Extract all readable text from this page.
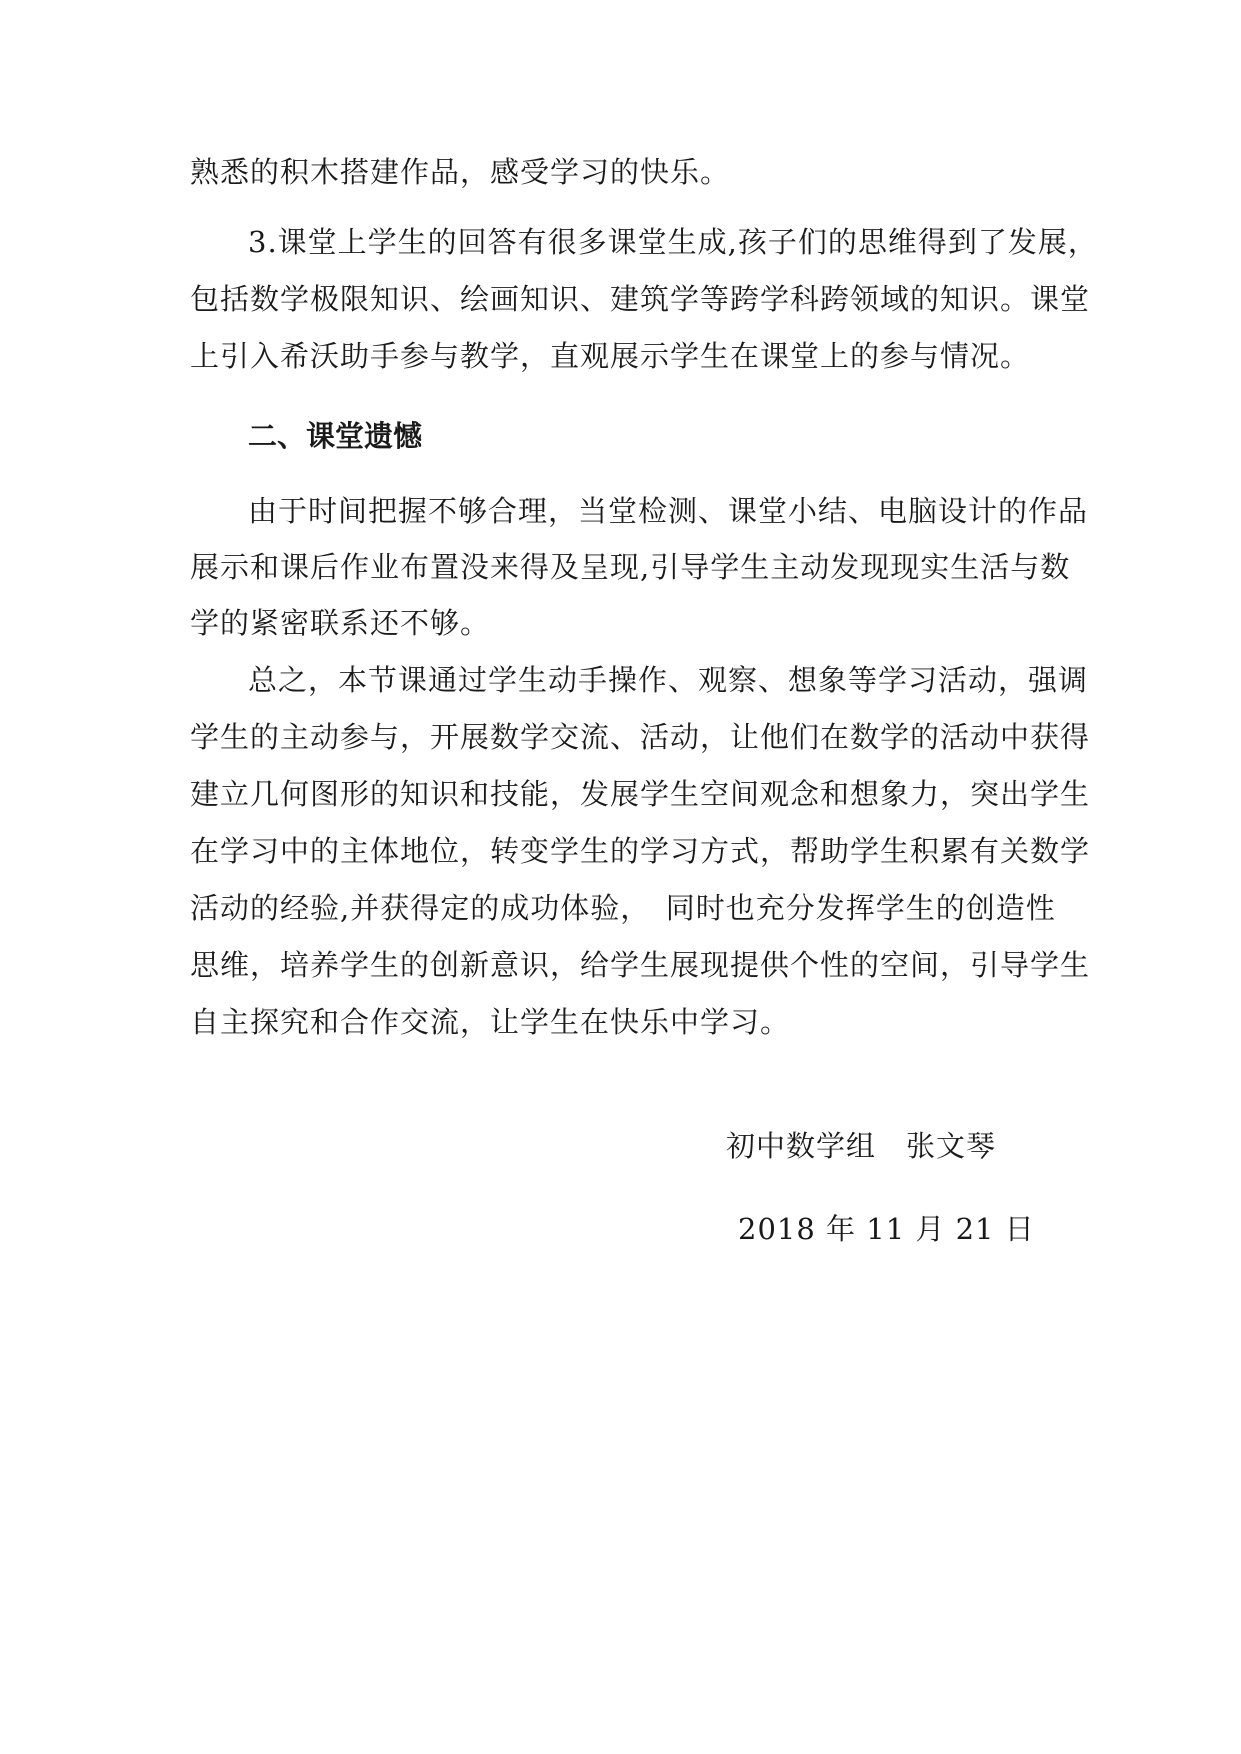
熟悉的积木搭建作品，感受学习的快乐。
3.课堂上学生的回答有很多课堂生成,孩子们的思维得到了发展，
包括数学极限知识、绘画知识、建筑学等跨学科跨领域的知识。课堂
上引入希沃助手参与教学，直观展示学生在课堂上的参与情况。
二、课堂遗憾
由于时间把握不够合理，当堂检测、课堂小结、电脑设计的作品
展示和课后作业布置没来得及呈现,引导学生主动发现现实生活与数
学的紧密联系还不够。
总之，本节课通过学生动手操作、观察、想象等学习活动，强调
学生的主动参与，开展数学交流、活动，让他们在数学的活动中获得
建立几何图形的知识和技能，发展学生空间观念和想象力，突出学生
在学习中的主体地位，转变学生的学习方式，帮助学生积累有关数学
活动的经验,并获得定的成功体验，　同时也充分发挥学生的创造性
思维，培养学生的创新意识，给学生展现提供个性的空间，引导学生
自主探究和合作交流，让学生在快乐中学习。
初中数学组　张文琴
2018 年 11 月 21 日
